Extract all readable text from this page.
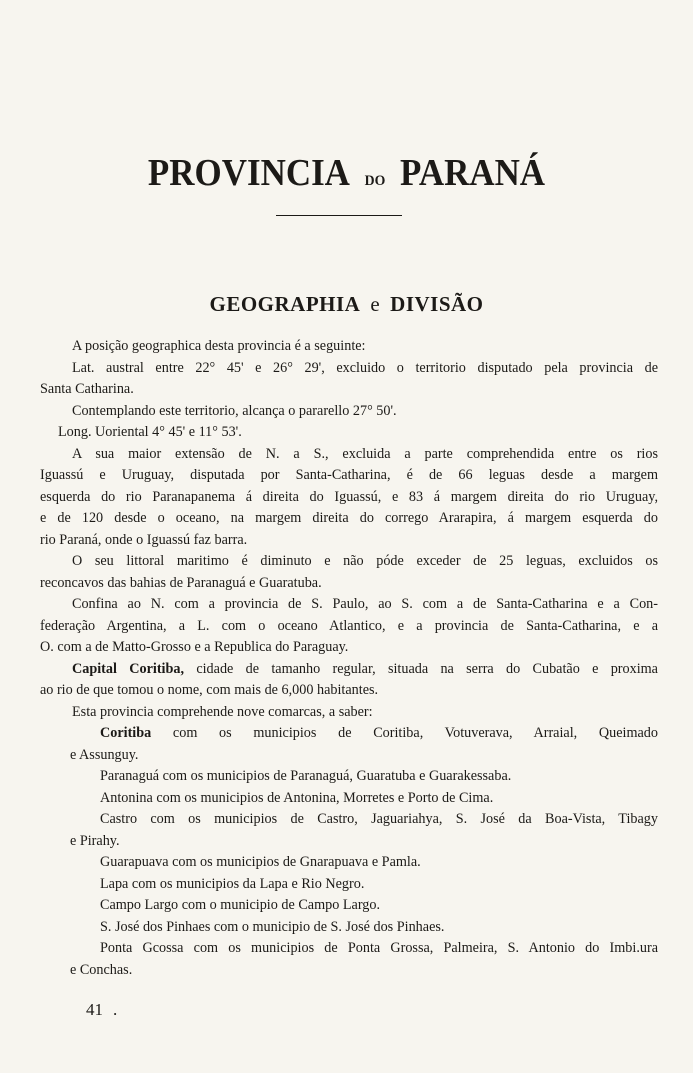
PROVINCIA DO PARANÁ
GEOGRAPHIA e DIVISÃO

A posição geographica desta provincia é a seguinte:

Lat. austral entre 22° 45' e 26° 29', excluido o territorio disputado pela provincia de

Santa Catharina.

Contemplando este territorio, alcança o pararello 27° 50'.

Long. Uoriental 4° 45' e 11° 53'.

A sua maior extensão de N. a S., excluida a parte comprehendida entre os rios

Iguassú e Uruguay, disputada por Santa-Catharina, é de 66 leguas desde a margem

esquerda do rio Paranapanema á direita do Iguassú, e 83 á margem direita do rio Uruguay,

e de 120 desde o oceano, na margem direita do corrego Ararapira, á margem esquerda do

rio Paraná, onde o Iguassú faz barra.

O seu littoral maritimo é diminuto e não póde exceder de 25 leguas, excluidos os

reconcavos das bahias de Paranaguá e Guaratuba.

Confina ao N. com a provincia de S. Paulo, ao S. com a de Santa-Catharina e a Con-

federação Argentina, a L. com o oceano Atlantico, e a provincia de Santa-Catharina, e a

O. com a de Matto-Grosso e a Republica do Paraguay.

Capital Coritiba, cidade de tamanho regular, situada na serra do Cubatão e proxima

ao rio de que tomou o nome, com mais de 6,000 habitantes.

Esta provincia comprehende nove comarcas, a saber:

Coritiba com os municipios de Coritiba, Votuverava, Arraial, Queimado

e Assunguy.

Paranaguá com os municipios de Paranaguá, Guaratuba e Guarakessaba.

Antonina com os municipios de Antonina, Morretes e Porto de Cima.

Castro com os municipios de Castro, Jaguariahya, S. José da Boa-Vista, Tibagy

e Pirahy.

Guarapuava com os municipios de Gnarapuava e Pamla.

Lapa com os municipios da Lapa e Rio Negro.

Campo Largo com o municipio de Campo Largo.

S. José dos Pinhaes com o municipio de S. José dos Pinhaes.

Ponta Gcossa com os municipios de Ponta Grossa, Palmeira, S. Antonio do Imbi.ura

e Conchas.

41 .
